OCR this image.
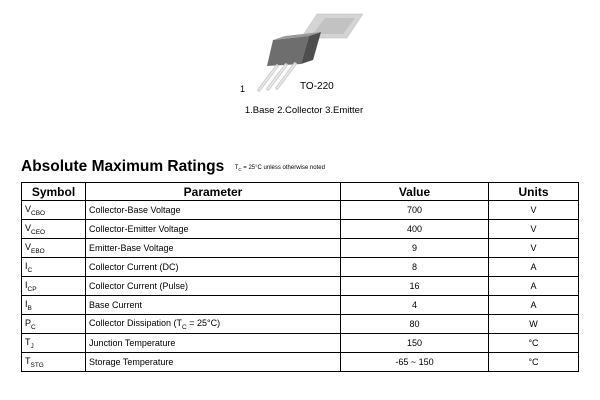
1	TO-220
1.Base 2.Collector 3.Emitter
Absolute Maximum Ratings $T_C = 25^\circ C$ unless otherwise noted
Symbol	Parameter	Value	Units
$V_{CBO}$	Collector-Base Voltage	700	V
$V_{CEO}$	Collector-Emitter Voltage	400	V
$V_{EBO}$	Emitter-Base Voltage	9	V
$I_C$	Collector Current (DC)	8	A
$I_{CP}$	Collector Current (Pulse)	16	A
$I_B$	Base Current	4	A
$P_C$	Collector Dissipation $(T_C = 25^\circ C)$	80	W
$T_J$	Junction Temperature	150	°C
$T_{STG}$	Storage Temperature	-65 ~ 150	°C
